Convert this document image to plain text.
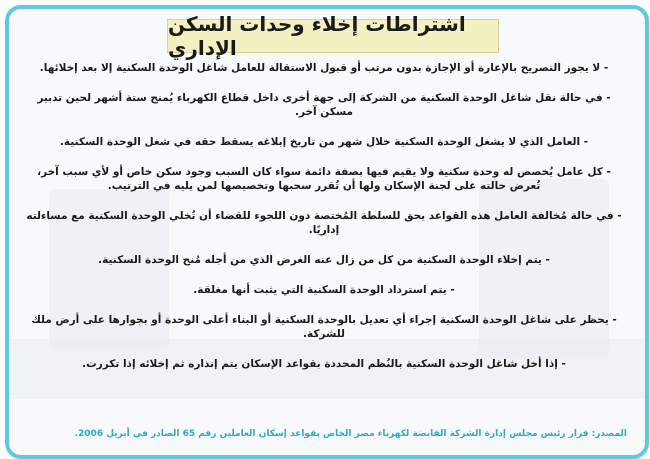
اشتراطات إخلاء وحدات السكن الإداري

- لا يجوز التصريح بالإعارة أو الإجازة بدون مرتب أو قبول الاستقالة للعامل شاغل الوحدة السكنية إلا بعد إخلائها.

- في حالة نقل شاغل الوحدة السكنية من الشركة إلى جهة أخرى داخل قطاع الكهرباء يُمنح ستة أشهر لحين تدبير مسكن آخر.

- العامل الذي لا يشغل الوحدة السكنية خلال شهر من تاريخ إبلاغه يسقط حقه في شغل الوحدة السكنية.

- كل عامل يُخصص له وحدة سكنية ولا يقيم فيها بصفة دائمة سواء كان السبب وجود سكن خاص أو لأي سبب آخر، تُعرض حالته على لجنة الإسكان ولها أن تُقرر سحبها وتخصيصها لمن يليه في الترتيب.

- في حالة مُخالفة العامل هذه القواعد يحق للسلطة المُختصة دون اللجوء للقضاء أن تُخلي الوحدة السكنية مع مساءلته إداريًا.

- يتم إخلاء الوحدة السكنية من كل من زال عنه الغرض الذي من أجله مُنح الوحدة السكنية.

- يتم استرداد الوحدة السكنية التي يثبت أنها مغلقة.

- يحظر على شاغل الوحدة السكنية إجراء أي تعديل بالوحدة السكنية أو البناء أعلى الوحدة أو بجوارها على أرض ملك للشركة.

- إذا أخل شاغل الوحدة السكنية بالنُظم المحددة بقواعد الإسكان يتم إنذاره ثم إخلائه إذا تكررت.

المصدر: قرار رئيس مجلس إدارة الشركة القابضة لكهرباء مصر الخاص بقواعد إسكان العاملين رقم 65 الصادر في أبريل 2006.
